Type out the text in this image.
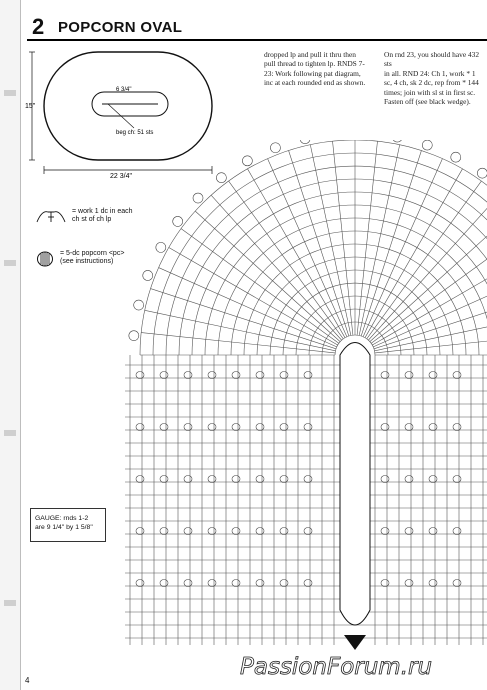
2 POPCORN OVAL
15"
6 3/4"
beg ch: 51 sts
22 3/4"
= work 1 dc in each
ch st of ch lp
= 5-dc popcorn <pc>
(see instructions)
dropped lp and pull it thru then
pull thread to tighten lp. RNDS 7-
23: Work following pat diagram,
inc at each rounded end as shown.
On rnd 23, you should have 432 sts
in all. RND 24: Ch 1, work * 1
sc, 4 ch, sk 2 dc, rep from * 144
times; join with sl st in first sc.
Fasten off (see black wedge).
GAUGE: rnds 1-2
are 9 1/4" by 1 5/8"
4
PassionForum.ru
